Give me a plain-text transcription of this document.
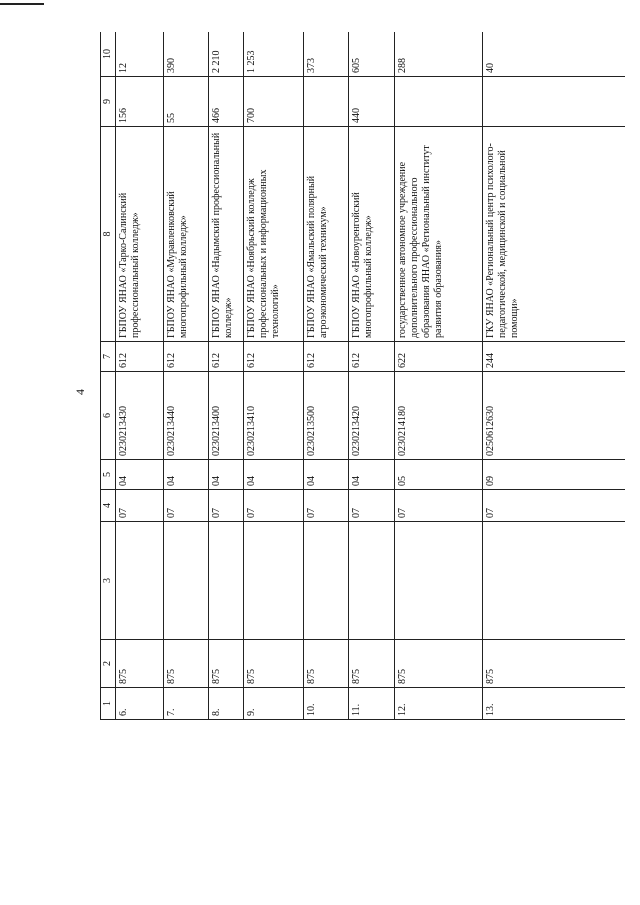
4
1	2	3	4	5	6	7	8	9	10
6.	875		07	04	0230213430	612	ГБПОУ ЯНАО «Тарко-Салинский профессиональный колледж»	156	12
7.	875		07	04	0230213440	612	ГБПОУ ЯНАО «Муравленковский многопрофильный колледж»	55	390
8.	875		07	04	0230213400	612	ГБПОУ ЯНАО «Надымский профессиональный колледж»	466	2 210
9.	875		07	04	0230213410	612	ГБПОУ ЯНАО «Ноябрьский колледж профессиональных и информационных технологий»	700	1 253
10.	875		07	04	0230213500	612	ГБПОУ ЯНАО «Ямальский полярный агроэкономический техникум»		373
11.	875		07	04	0230213420	612	ГБПОУ ЯНАО «Новоуренгойский многопрофильный колледж»	440	605
12.	875		07	05	0230214180	622	государственное автономное учреждение дополнительного профессионального образования ЯНАО «Региональный институт развития образования»		288
13.	875		07	09	0250612630	244	ГКУ ЯНАО «Региональный центр психолого-педагогической, медицинской и социальной помощи»		40
